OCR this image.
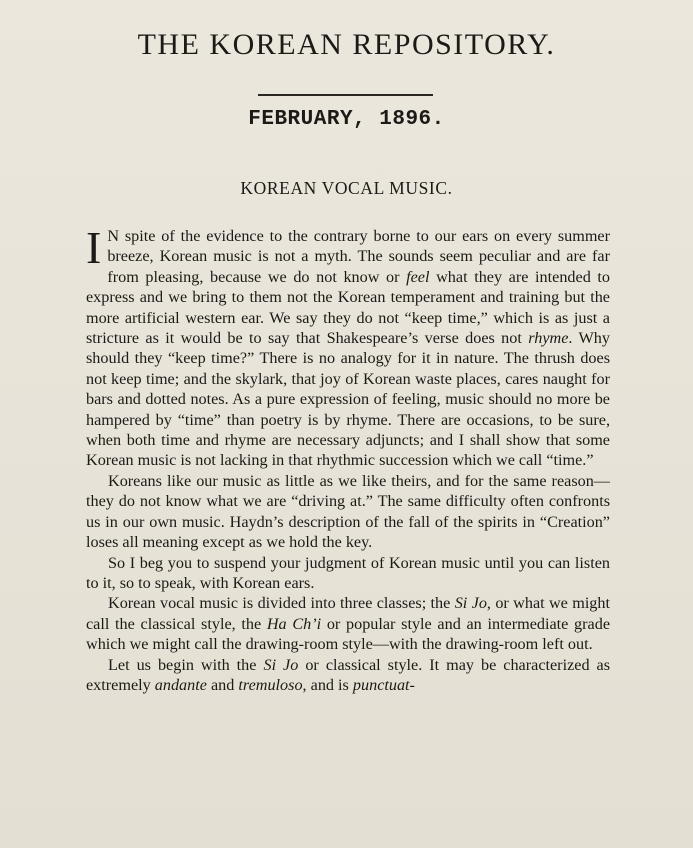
THE KOREAN REPOSITORY.
FEBRUARY, 1896.
KOREAN VOCAL MUSIC.

I N spite of the evidence to the contrary borne to our ears on every summer breeze, Korean music is not a myth. The sounds seem peculiar and are far from pleasing, because we do not know or feel what they are intended to express and we bring to them not the Korean temperament and training but the more artificial western ear. We say they do not “keep time,” which is as just a stricture as it would be to say that Shakespeare’s verse does not rhyme. Why should they “keep time?” There is no analogy for it in nature. The thrush does not keep time; and the skylark, that joy of Korean waste places, cares naught for bars and dotted notes. As a pure expression of feeling, music should no more be hampered by “time” than poetry is by rhyme. There are occasions, to be sure, when both time and rhyme are necessary adjuncts; and I shall show that some Korean music is not lacking in that rhythmic succession which we call “time.”

Koreans like our music as little as we like theirs, and for the same reason—they do not know what we are “driving at.” The same difficulty often confronts us in our own music. Haydn’s description of the fall of the spirits in “Creation” loses all meaning except as we hold the key.

So I beg you to suspend your judgment of Korean music until you can listen to it, so to speak, with Korean ears.

Korean vocal music is divided into three classes; the Si Jo, or what we might call the classical style, the Ha Ch’i or popular style and an intermediate grade which we might call the drawing-room style—with the drawing-room left out.

Let us begin with the Si Jo or classical style. It may be characterized as extremely andante and tremuloso, and is punctuat-
